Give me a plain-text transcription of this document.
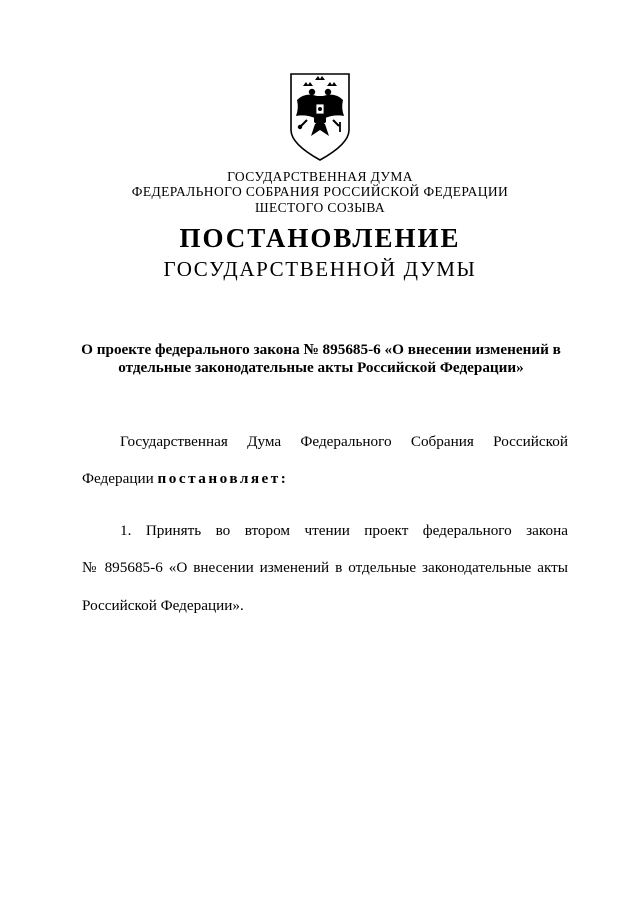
ГОСУДАРСТВЕННАЯ ДУМА
ФЕДЕРАЛЬНОГО СОБРАНИЯ РОССИЙСКОЙ ФЕДЕРАЦИИ
ШЕСТОГО СОЗЫВА
ПОСТАНОВЛЕНИЕ
ГОСУДАРСТВЕННОЙ ДУМЫ
О проекте федерального закона № 895685-6 «О внесении изменений в отдельные законодательные акты Российской Федерации»
Государственная Дума Федерального Собрания Российской
Федерации постановляет:
1. Принять во втором чтении проект федерального закона
№ 895685-6 «О внесении изменений в отдельные законодательные акты
Российской Федерации».
